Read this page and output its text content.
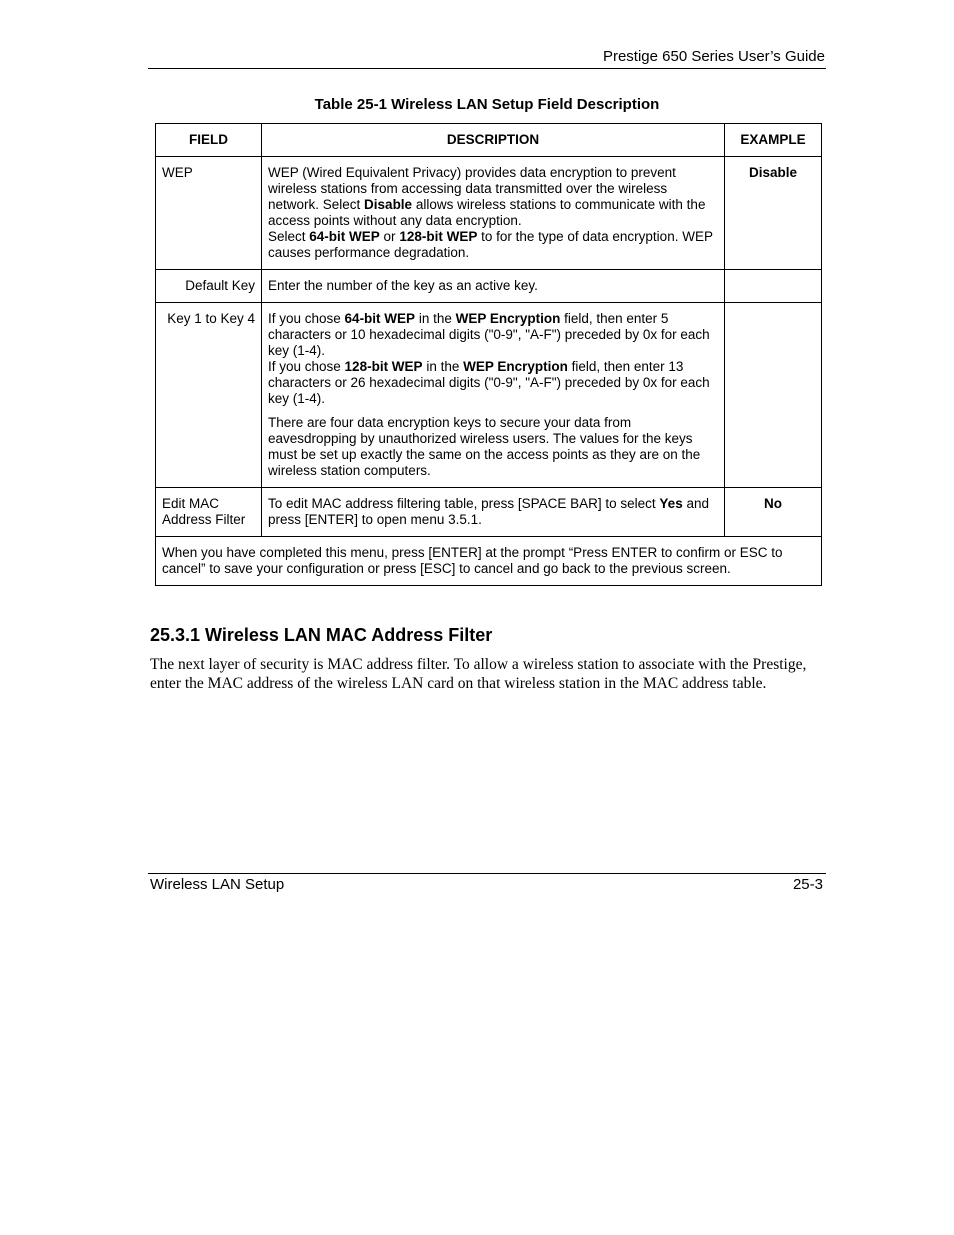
Prestige 650 Series User’s Guide
Table 25-1 Wireless LAN Setup Field Description
FIELD	DESCRIPTION	EXAMPLE
WEP	WEP (Wired Equivalent Privacy) provides data encryption to prevent wireless stations from accessing data transmitted over the wireless network. Select Disable allows wireless stations to communicate with the access points without any data encryption.

Select 64-bit WEP or 128-bit WEP to for the type of data encryption. WEP causes performance degradation.	Disable
Default Key	Enter the number of the key as an active key.	

Key 1 to Key 4	If you chose 64-bit WEP in the WEP Encryption field, then enter 5 characters or 10 hexadecimal digits ("0-9", "A-F") preceded by 0x for each key (1-4).

If you chose 128-bit WEP in the WEP Encryption field, then enter 13 characters or 26 hexadecimal digits ("0-9", "A-F") preceded by 0x for each key (1-4).

There are four data encryption keys to secure your data from eavesdropping by unauthorized wireless users. The values for the keys must be set up exactly the same on the access points as they are on the wireless station computers.	

Edit MAC Address Filter	To edit MAC address filtering table, press [SPACE BAR] to select Yes and press [ENTER] to open menu 3.5.1.	No
When you have completed this menu, press [ENTER] at the prompt “Press ENTER to confirm or ESC to cancel” to save your configuration or press [ESC] to cancel and go back to the previous screen.		
25.3.1 Wireless LAN MAC Address Filter
The next layer of security is MAC address filter. To allow a wireless station to associate with the Prestige, enter the MAC address of the wireless LAN card on that wireless station in the MAC address table.
Wireless LAN Setup	25-3
